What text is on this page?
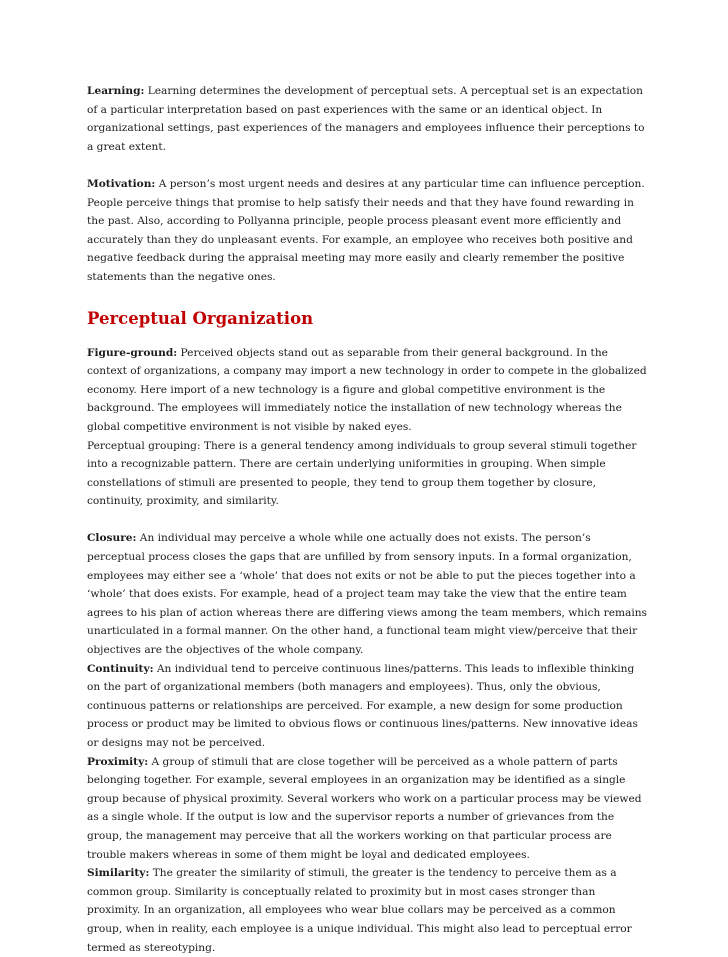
Learning: Learning determines the development of perceptual sets. A perceptual set is an expectation of a particular interpretation based on past experiences with the same or an identical object. In organizational settings, past experiences of the managers and employees influence their perceptions to a great extent.

Motivation: A person’s most urgent needs and desires at any particular time can influence perception. People perceive things that promise to help satisfy their needs and that they have found rewarding in the past. Also, according to Pollyanna principle, people process pleasant event more efficiently and accurately than they do unpleasant events. For example, an employee who receives both positive and negative feedback during the appraisal meeting may more easily and clearly remember the positive statements than the negative ones.

Perceptual Organization

Figure-ground: Perceived objects stand out as separable from their general background. In the context of organizations, a company may import a new technology in order to compete in the globalized economy. Here import of a new technology is a figure and global competitive environment is the background. The employees will immediately notice the installation of new technology whereas the global competitive environment is not visible by naked eyes.

Perceptual grouping: There is a general tendency among individuals to group several stimuli together into a recognizable pattern. There are certain underlying uniformities in grouping. When simple constellations of stimuli are presented to people, they tend to group them together by closure, continuity, proximity, and similarity.

Closure: An individual may perceive a whole while one actually does not exists. The person’s perceptual process closes the gaps that are unfilled by from sensory inputs. In a formal organization, employees may either see a ‘whole’ that does not exits or not be able to put the pieces together into a ‘whole’ that does exists. For example, head of a project team may take the view that the entire team agrees to his plan of action whereas there are differing views among the team members, which remains unarticulated in a formal manner. On the other hand, a functional team might view/perceive that their objectives are the objectives of the whole company.

Continuity: An individual tend to perceive continuous lines/patterns. This leads to inflexible thinking on the part of organizational members (both managers and employees). Thus, only the obvious, continuous patterns or relationships are perceived. For example, a new design for some production process or product may be limited to obvious flows or continuous lines/patterns. New innovative ideas or designs may not be perceived.

Proximity: A group of stimuli that are close together will be perceived as a whole pattern of parts belonging together. For example, several employees in an organization may be identified as a single group because of physical proximity. Several workers who work on a particular process may be viewed as a single whole. If the output is low and the supervisor reports a number of grievances from the group, the management may perceive that all the workers working on that particular process are trouble makers whereas in some of them might be loyal and dedicated employees.

Similarity: The greater the similarity of stimuli, the greater is the tendency to perceive them as a common group. Similarity is conceptually related to proximity but in most cases stronger than proximity. In an organization, all employees who wear blue collars may be perceived as a common group, when in reality, each employee is a unique individual. This might also lead to perceptual error termed as stereotyping.
